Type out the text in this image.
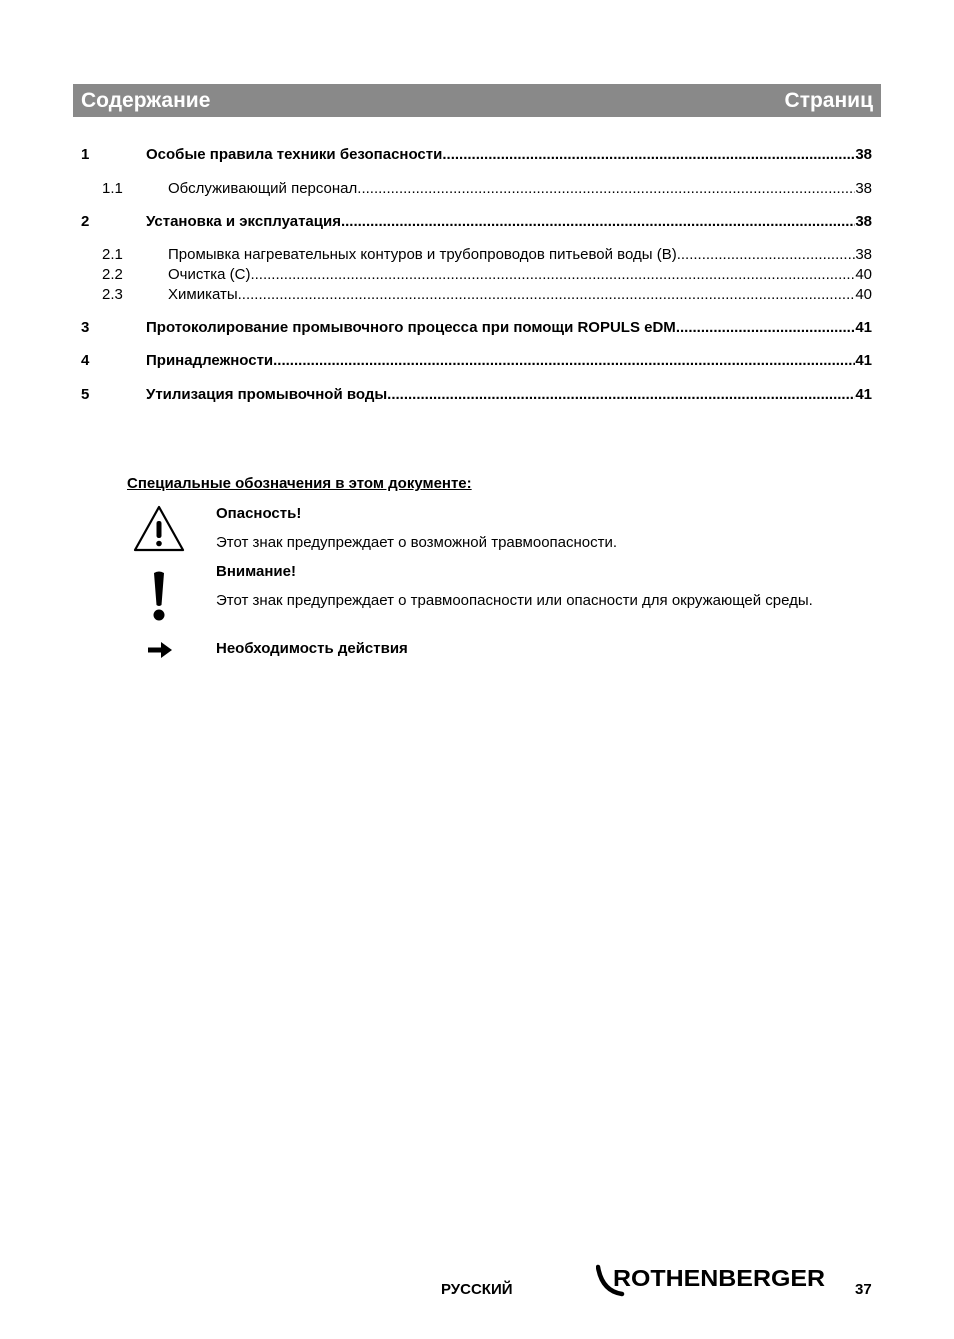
Содержание	Страниц
1	Особые правила техники безопасности .....	38
1.1	Обслуживающий персонал .....	38
2	Установка и эксплуатация .....	38
2.1	Промывка нагревательных контуров и трубопроводов питьевой воды (B) .....	38
2.2	Очистка (C) .....	40
2.3	Химикаты .....	40
3	Протоколирование промывочного процесса при помощи ROPULS eDM .....	41
4	Принадлежности .....	41
5	Утилизация промывочной воды .....	41
Специальные обозначения в этом документе:
Опасность!
Этот знак предупреждает о возможной травмоопасности.
Внимание!
Этот знак предупреждает о травмоопасности или опасности для окружающей среды.
Необходимость действия
РУССКИЙ	ROTHENBERGER 37
